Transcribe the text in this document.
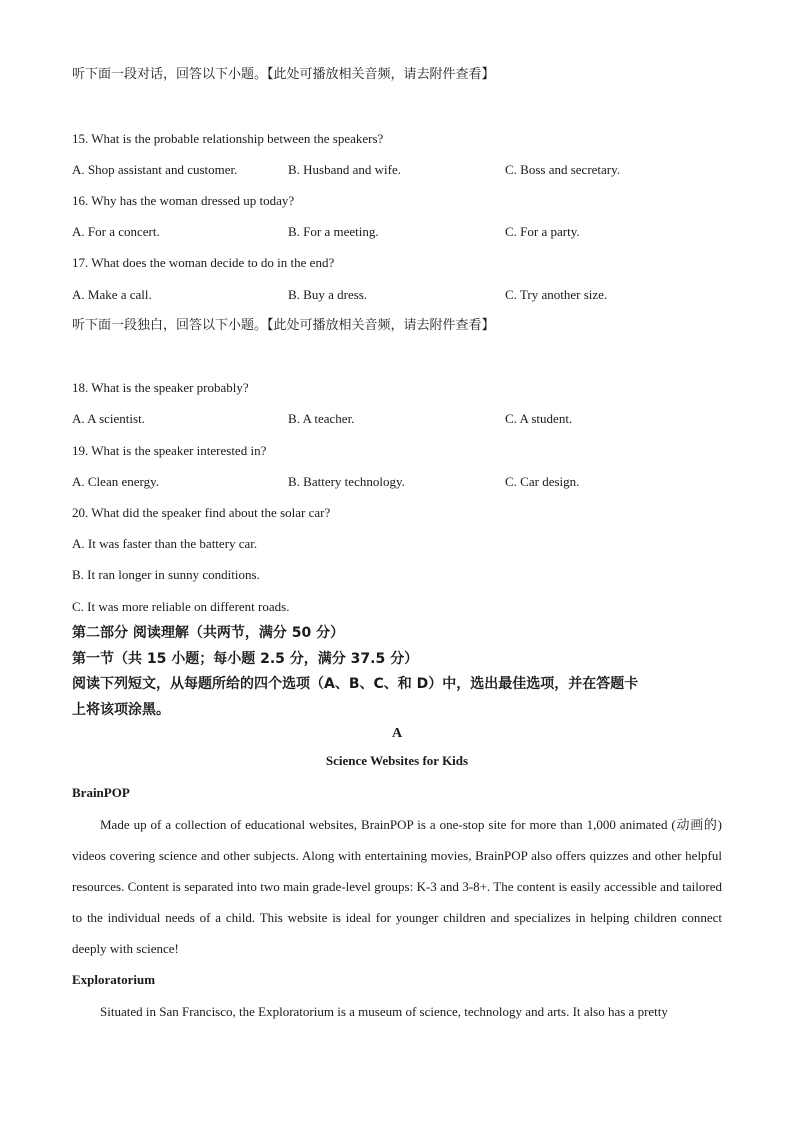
听下面一段对话，回答以下小题。【此处可播放相关音频，请去附件查看】
15. What is the probable relationship between the speakers?
A. Shop assistant and customer.	B. Husband and wife.	C. Boss and secretary.
16. Why has the woman dressed up today?
A. For a concert.	B. For a meeting.	C. For a party.
17. What does the woman decide to do in the end?
A. Make a call.	B. Buy a dress.	C. Try another size.
听下面一段独白，回答以下小题。【此处可播放相关音频，请去附件查看】
18. What is the speaker probably?
A. A scientist.	B. A teacher.	C. A student.
19. What is the speaker interested in?
A. Clean energy.	B. Battery technology.	C. Car design.
20. What did the speaker find about the solar car?
A. It was faster than the battery car.
B. It ran longer in sunny conditions.
C. It was more reliable on different roads.
第二部分 阅读理解（共两节，满分 50 分）
第一节（共 15 小题；每小题 2.5 分，满分 37.5 分）
阅读下列短文，从每题所给的四个选项（A、B、C、和 D）中，选出最佳选项，并在答题卡
上将该项涂黑。
A
Science Websites for Kids
BrainPOP
Made up of a collection of educational websites, BrainPOP is a one-stop site for more than 1,000 animated (动画的) videos covering science and other subjects. Along with entertaining movies, BrainPOP also offers quizzes and other helpful resources. Content is separated into two main grade-level groups: K-3 and 3-8+. The content is easily accessible and tailored to the individual needs of a child. This website is ideal for younger children and specializes in helping children connect deeply with science!
Exploratorium
Situated in San Francisco, the Exploratorium is a museum of science, technology and arts. It also has a pretty
